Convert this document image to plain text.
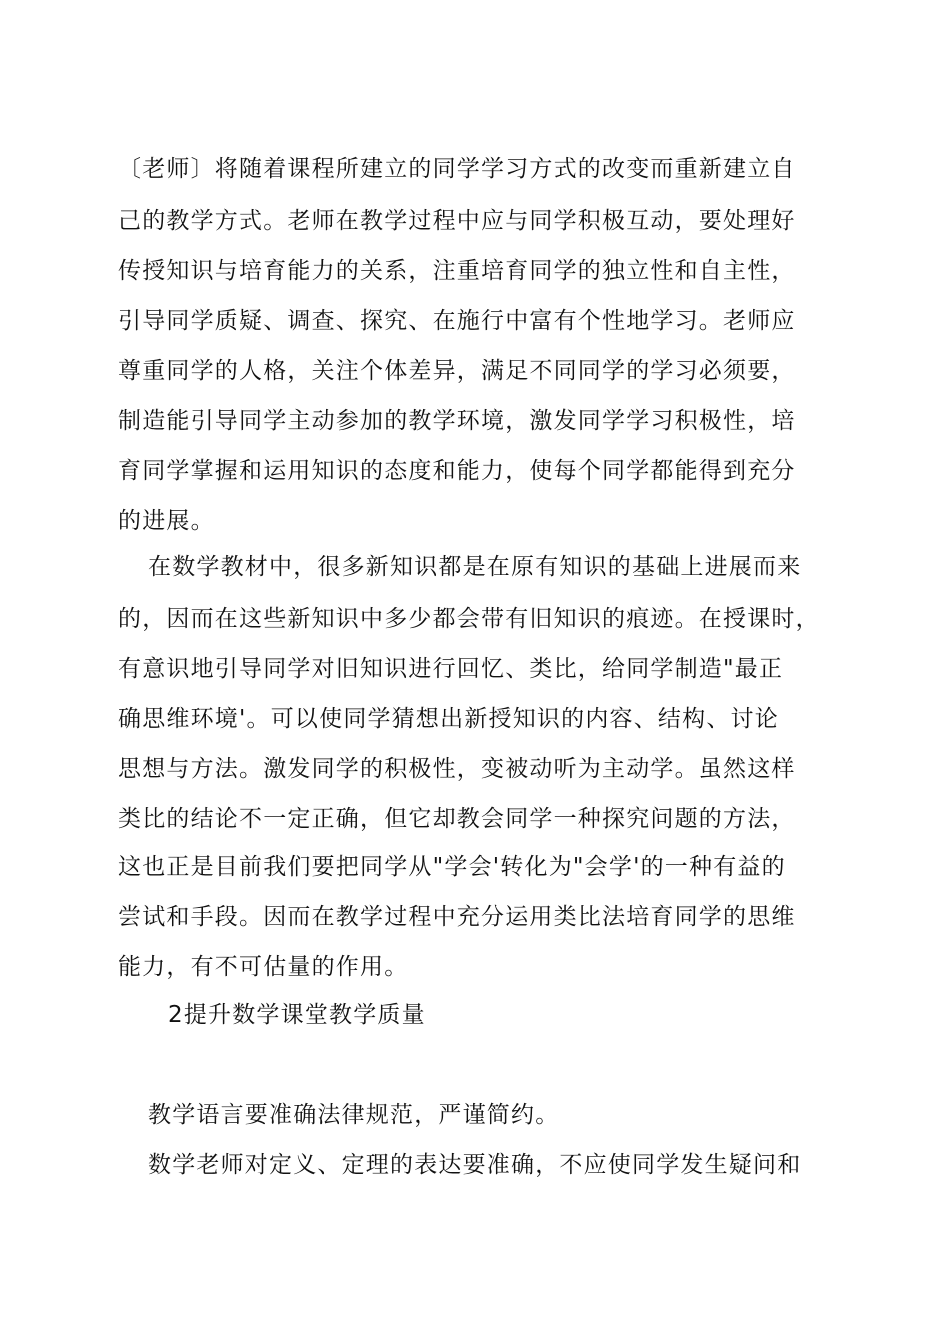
〔老师〕将随着课程所建立的同学学习方式的改变而重新建立自
己的教学方式。老师在教学过程中应与同学积极互动，要处理好
传授知识与培育能力的关系，注重培育同学的独立性和自主性，
引导同学质疑、调查、探究、在施行中富有个性地学习。老师应
尊重同学的人格，关注个体差异，满足不同同学的学习必须要，
制造能引导同学主动参加的教学环境，激发同学学习积极性，培
育同学掌握和运用知识的态度和能力，使每个同学都能得到充分
的进展。
在数学教材中，很多新知识都是在原有知识的基础上进展而来
的，因而在这些新知识中多少都会带有旧知识的痕迹。在授课时，
有意识地引导同学对旧知识进行回忆、类比，给同学制造"最正
确思维环境'。可以使同学猜想出新授知识的内容、结构、讨论
思想与方法。激发同学的积极性，变被动听为主动学。虽然这样
类比的结论不一定正确，但它却教会同学一种探究问题的方法，
这也正是目前我们要把同学从"学会'转化为"会学'的一种有益的
尝试和手段。因而在教学过程中充分运用类比法培育同学的思维
能力，有不可估量的作用。
2提升数学课堂教学质量
教学语言要准确法律规范，严谨简约。
数学老师对定义、定理的表达要准确，不应使同学发生疑问和
